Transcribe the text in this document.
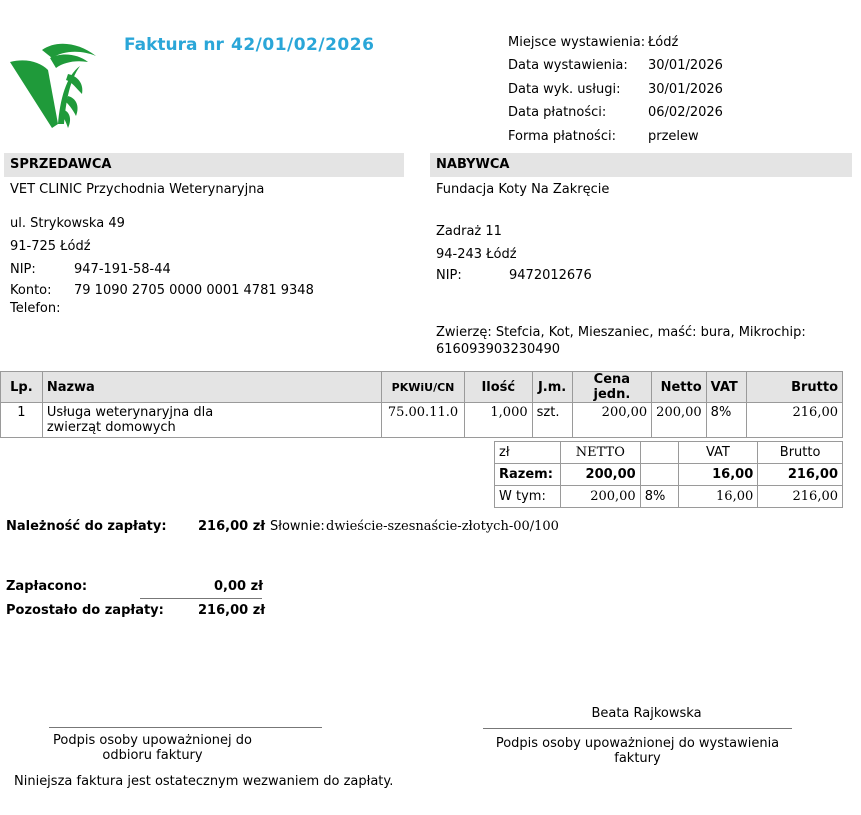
Faktura nr 42/01/02/2026	Miejsce wystawienia: Łódź
Data wystawienia: 30/01/2026
Data wyk. usługi: 30/01/2026
Data płatności:	06/02/2026
Forma płatności: przelew
SPRZEDAWCA
VET CLINIC Przychodnia Weterynaryjna
ul. Strykowska 49
91-725 Łódź
NIP:	947-191-58-44
Konto: 79 1090 2705 0000 0001 4781 9348
Telefon:
NABYWCA
Fundacja Koty Na Zakręcie
Zadraż 11
94-243 Łódź
NIP:	9472012676
Zwierzę: Stefcia, Kot, Mieszaniec, maść: bura, Mikrochip:
616093903230490
Lp.	Nazwa	PKWiU/CN	Ilość	J.m.	Cena jedn.	Netto	VAT	Brutto
1	Usługa weterynaryjna dla
zwierząt domowych	75.00.11.0	1,000	szt.	200,00	200,00	8%	216,00
zł	NETTO		VAT	Brutto
Razem:	200,00		16,00	216,00
W tym:	200,00	8%	16,00	216,00
Należność do zapłaty: 216,00 zł Słownie: dwieście-szesnaście-złotych-00/100
Zapłacono:	0,00 zł
Pozostało do zapłaty:	216,00 zł
Podpis osoby upoważnionej do
odbioru faktury
Beata Rajkowska
Podpis osoby upoważnionej do wystawienia
faktury
Niniejsza faktura jest ostatecznym wezwaniem do zapłaty.
